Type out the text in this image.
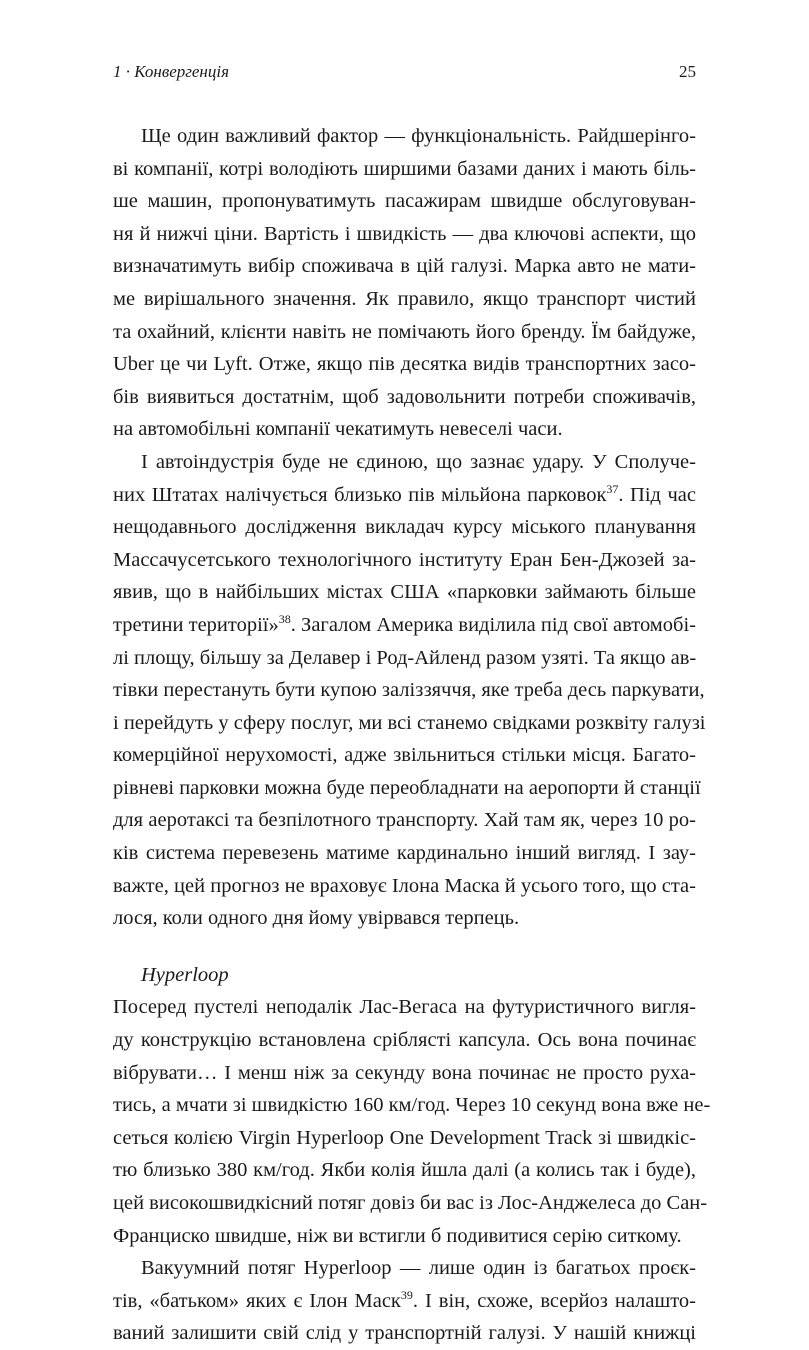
1 · Конвергенція	25
Ще один важливий фактор — функціональність. Райдшерінго-
ві компанії, котрі володіють ширшими базами даних і мають біль-
ше машин, пропонуватимуть пасажирам швидше обслуговуван-
ня й нижчі ціни. Вартість і швидкість — два ключові аспекти, що
визначатимуть вибір споживача в цій галузі. Марка авто не мати-
ме вирішального значення. Як правило, якщо транспорт чистий
та охайний, клієнти навіть не помічають його бренду. Їм байдуже,
Uber це чи Lyft. Отже, якщо пів десятка видів транспортних засо-
бів виявиться достатнім, щоб задовольнити потреби споживачів,
на автомобільні компанії чекатимуть невеселі часи.
І автоіндустрія буде не єдиною, що зазнає удару. У Сполуче-
них Штатах налічується близько пів мільйона парковок$^{37}$. Під час
нещодавнього дослідження викладач курсу міського планування
Массачусетського технологічного інституту Еран Бен-Джозей за-
явив, що в найбільших містах США «парковки займають більше
третини території»$^{38}$. Загалом Америка виділила під свої автомобі-
лі площу, більшу за Делавер і Род-Айленд разом узяті. Та якщо ав-
тівки перестануть бути купою заліззяччя, яке треба десь паркувати,
і перейдуть у сферу послуг, ми всі станемо свідками розквіту галузі
комерційної нерухомості, адже звільниться стільки місця. Багато-
рівневі парковки можна буде переобладнати на аеропорти й станції
для аеротаксі та безпілотного транспорту. Хай там як, через 10 ро-
ків система перевезень матиме кардинально інший вигляд. І зау-
важте, цей прогноз не враховує Ілона Маска й усього того, що ста-
лося, коли одного дня йому увірвався терпець.
Hyperloop
Посеред пустелі неподалік Лас-Вегаса на футуристичного вигля-
ду конструкцію встановлена сріблясті капсула. Ось вона починає
вібрувати… І менш ніж за секунду вона починає не просто руха-
тись, а мчати зі швидкістю 160 км/год. Через 10 секунд вона вже не-
сеться колією Virgin Hyperloop One Development Track зі швидкіс-
тю близько 380 км/год. Якби колія йшла далі (а колись так і буде),
цей високошвидкісний потяг довіз би вас із Лос-Анджелеса до Сан-
Франциско швидше, ніж ви встигли б подивитися серію ситкому.
Вакуумний потяг Hyperloop — лише один із багатьох проєк-
тів, «батьком» яких є Ілон Маск$^{39}$. І він, схоже, всерйоз налашто-
ваний залишити свій слід у транспортній галузі. У нашій книжці
